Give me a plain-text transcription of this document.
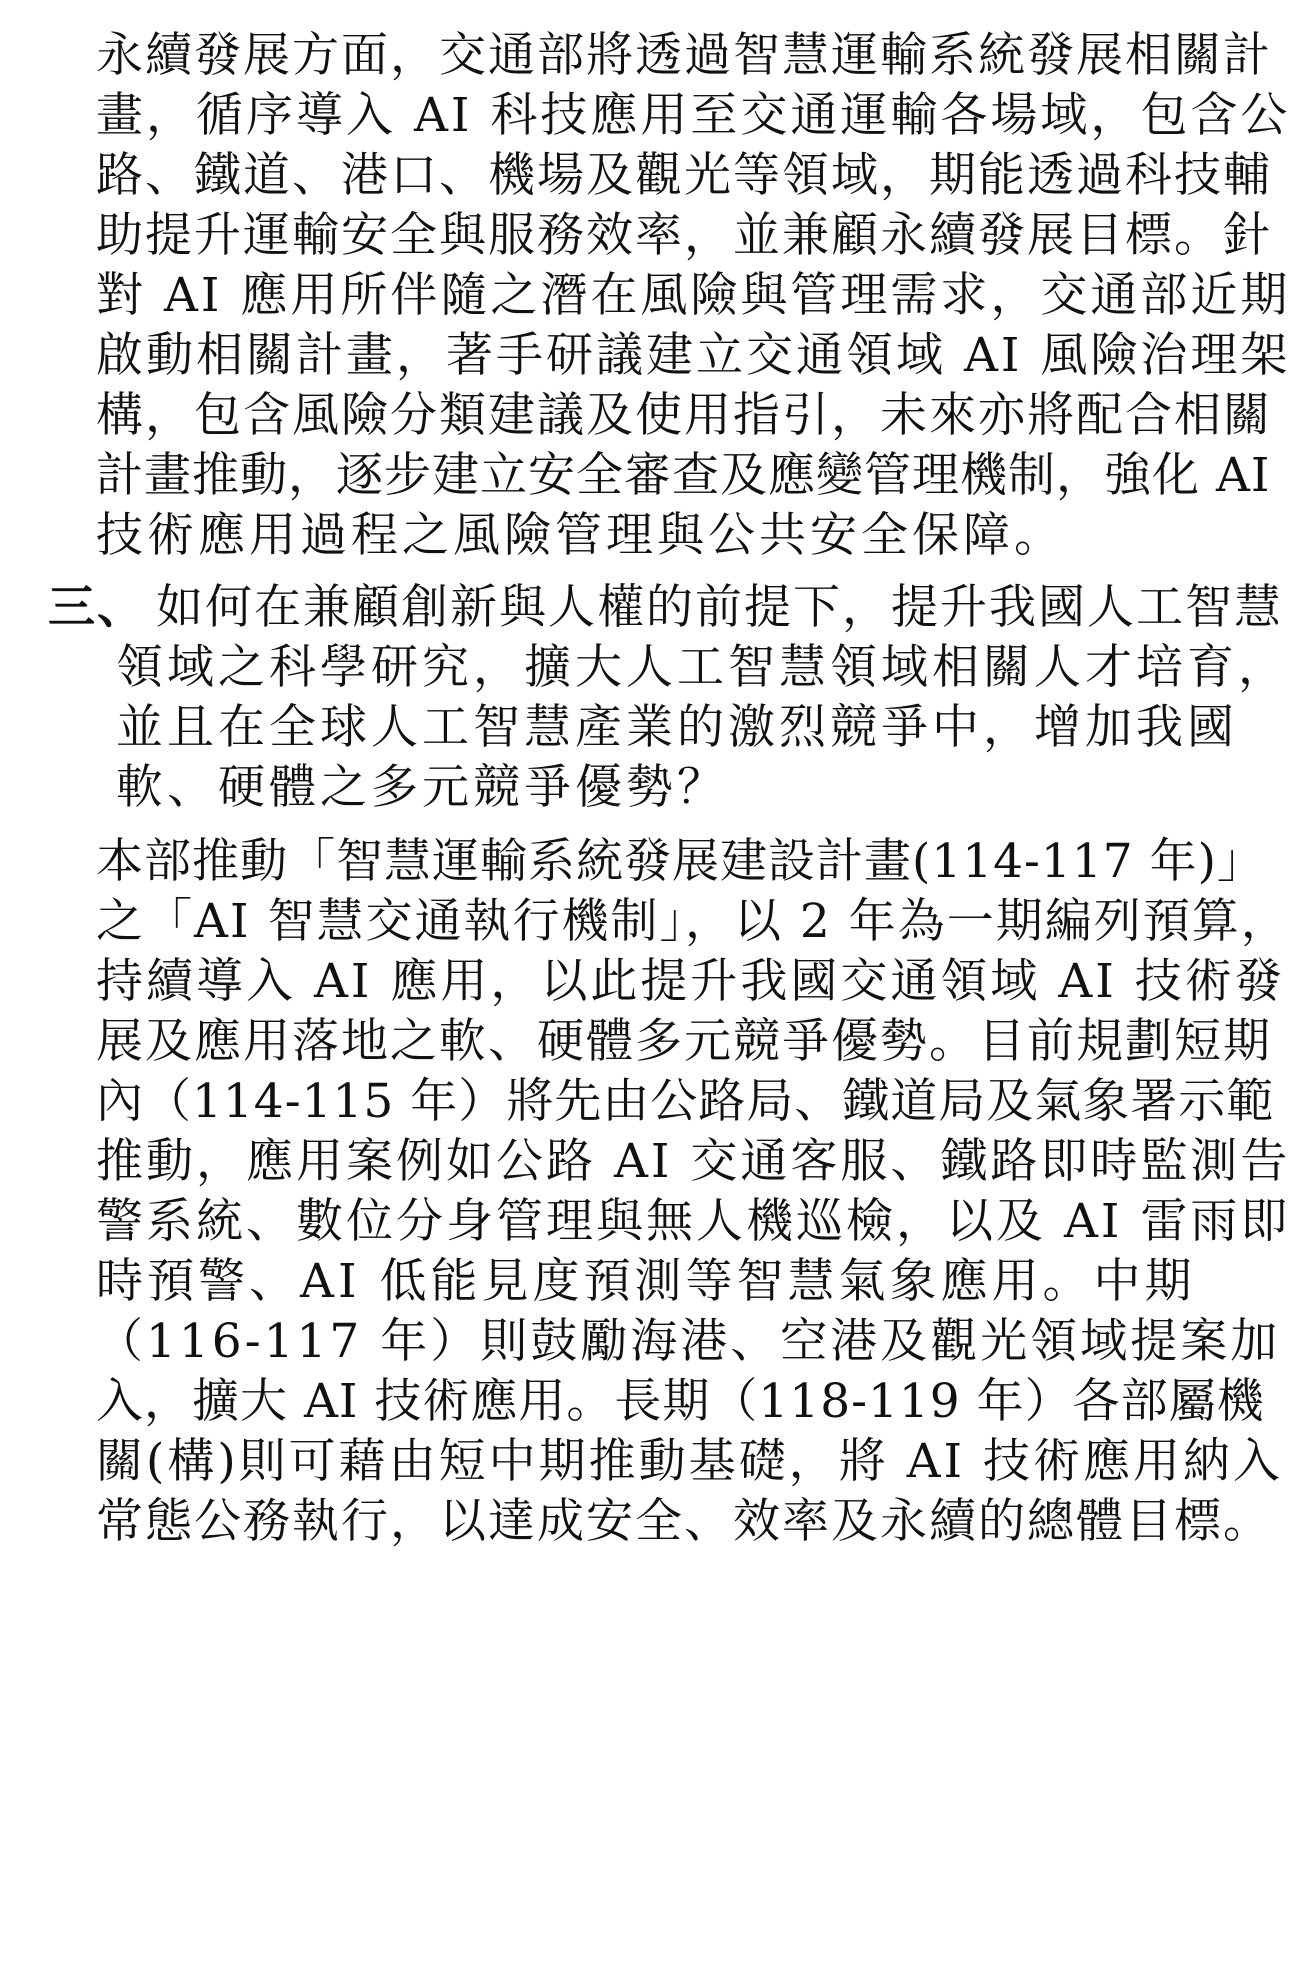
永續發展方面，交通部將透過智慧運輸系統發展相關計
畫，循序導入 AI 科技應用至交通運輸各場域，包含公
路、鐵道、港口、機場及觀光等領域，期能透過科技輔
助提升運輸安全與服務效率，並兼顧永續發展目標。針
對 AI 應用所伴隨之潛在風險與管理需求，交通部近期
啟動相關計畫，著手研議建立交通領域 AI 風險治理架
構，包含風險分類建議及使用指引，未來亦將配合相關
計畫推動，逐步建立安全審查及應變管理機制，強化 AI
技術應用過程之風險管理與公共安全保障。
三、 如何在兼顧創新與人權的前提下，提升我國人工智慧
領域之科學研究，擴大人工智慧領域相關人才培育，
並且在全球人工智慧產業的激烈競爭中，增加我國
軟、硬體之多元競爭優勢？
本部推動「智慧運輸系統發展建設計畫(114-117 年)」
之「AI 智慧交通執行機制」，以 2 年為一期編列預算，
持續導入 AI 應用，以此提升我國交通領域 AI 技術發
展及應用落地之軟、硬體多元競爭優勢。目前規劃短期
內（114-115 年）將先由公路局、鐵道局及氣象署示範
推動，應用案例如公路 AI 交通客服、鐵路即時監測告
警系統、數位分身管理與無人機巡檢，以及 AI 雷雨即
時預警、AI 低能見度預測等智慧氣象應用。中期
（116-117 年）則鼓勵海港、空港及觀光領域提案加
入，擴大 AI 技術應用。長期（118-119 年）各部屬機
關(構)則可藉由短中期推動基礎，將 AI 技術應用納入
常態公務執行，以達成安全、效率及永續的總體目標。
